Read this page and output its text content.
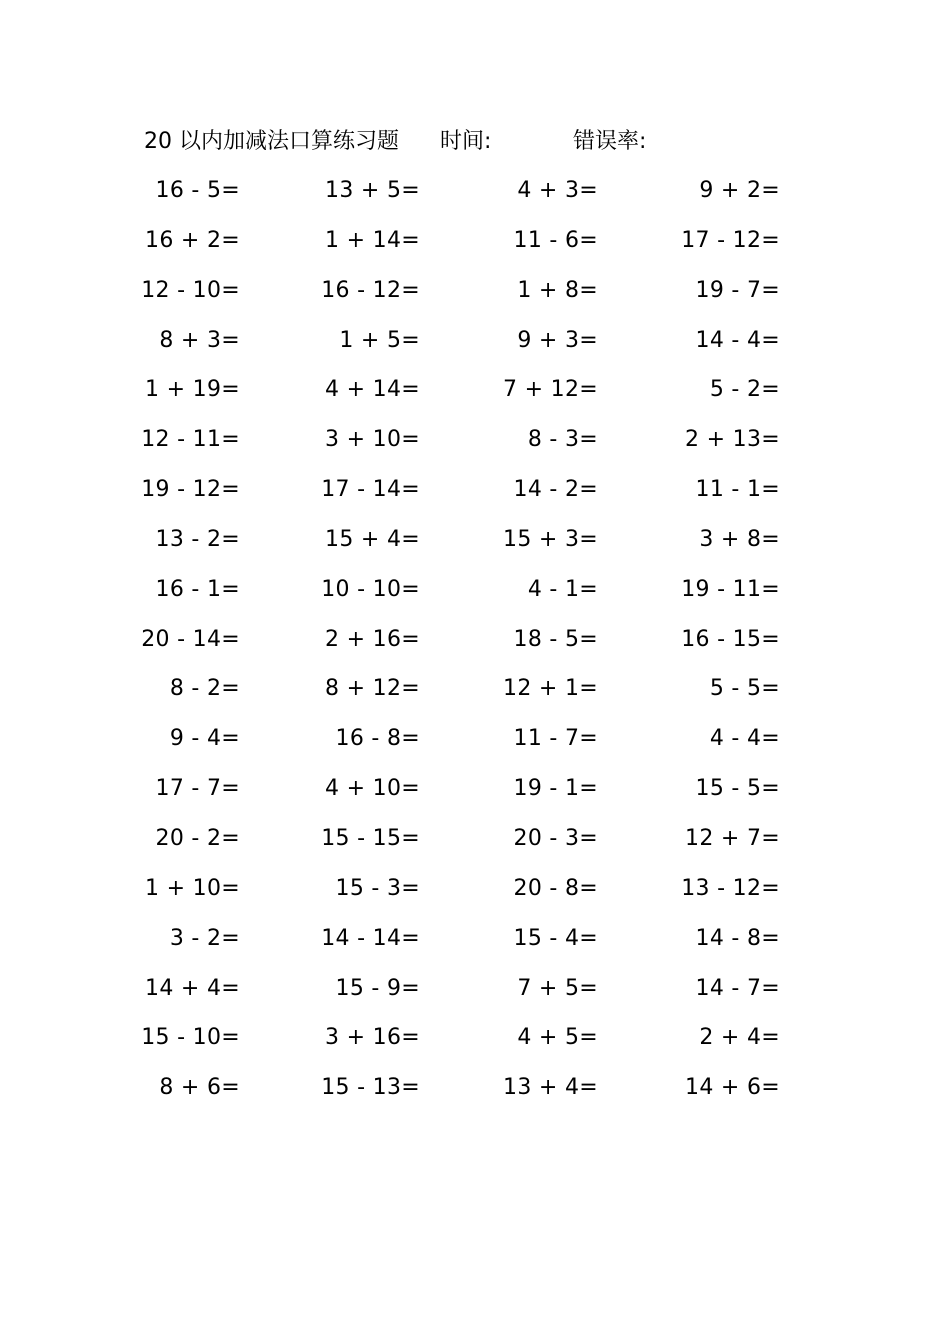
20 以内加减法口算练习题 时间:	错误率:
16 - 5=	13 + 5=	4 + 3=	9 + 2=
16 + 2=	1 + 14=	11 - 6=	17 - 12=
12 - 10=	16 - 12=	1 + 8=	19 - 7=
8 + 3=	1 + 5=	9 + 3=	14 - 4=
1 + 19=	4 + 14=	7 + 12=	5 - 2=
12 - 11=	3 + 10=	8 - 3=	2 + 13=
19 - 12=	17 - 14=	14 - 2=	11 - 1=
13 - 2=	15 + 4=	15 + 3=	3 + 8=
16 - 1=	10 - 10=	4 - 1=	19 - 11=
20 - 14=	2 + 16=	18 - 5=	16 - 15=
8 - 2=	8 + 12=	12 + 1=	5 - 5=
9 - 4=	16 - 8=	11 - 7=	4 - 4=
17 - 7=	4 + 10=	19 - 1=	15 - 5=
20 - 2=	15 - 15=	20 - 3=	12 + 7=
1 + 10=	15 - 3=	20 - 8=	13 - 12=
3 - 2=	14 - 14=	15 - 4=	14 - 8=
14 + 4=	15 - 9=	7 + 5=	14 - 7=
15 - 10=	3 + 16=	4 + 5=	2 + 4=
8 + 6=	15 - 13=	13 + 4=	14 + 6=
